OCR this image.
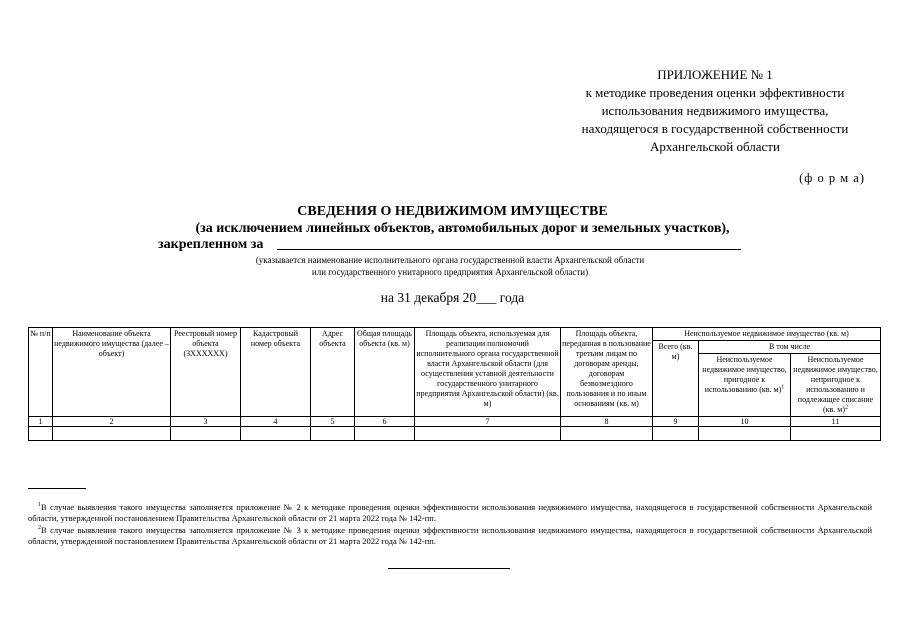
ПРИЛОЖЕНИЕ № 1
к методике проведения оценки эффективности
использования недвижимого имущества,
находящегося в государственной собственности
Архангельской области
(ф о р м а)
СВЕДЕНИЯ О НЕДВИЖИМОМ ИМУЩЕСТВЕ
(за исключением линейных объектов, автомобильных дорог и земельных участков),
закрепленном за
(указывается наименование исполнительного органа государственной власти Архангельской области
или государственного унитарного предприятия Архангельской области)
на 31 декабря 20___ года
№ п/п	Наименование объекта недвижимого имущества (далее – объект)	Реестровый номер объекта (3ХХХХХХ)	Кадастровый номер объекта	Адрес объекта	Общая площадь объекта (кв. м)	Площадь объекта, используемая для реализации полномочий исполнительного органа государственной власти Архангельской области (для осуществления уставной деятельности государственного унитарного предприятия Архангельской области) (кв. м)	Площадь объекта, переданная в пользование третьим лицам по договорам аренды, договорам безвозмездного пользования и по иным основаниям (кв. м)	Неиспользуемое недвижимое имущество (кв. м)		
								Всего (кв. м)	В том числе	
									Неиспользуемое недвижимое имущество, пригодное к использованию (кв. м)$^1$	Неиспользуемое недвижимое имущество, непригодное к использованию и подлежащее списание (кв. м)$^2$
1	2	3	4	5	6	7	8	9	10	11

$^1$В случае выявления такого имущества заполняется приложение № 2 к методике проведения оценки эффективности использования недвижимого имущества, находящегося в государственной собственности Архангельской области, утвержденной постановлением Правительства Архангельской области от 21 марта 2022 года № 142-пп.
$^2$В случае выявления такого имущества заполняется приложение № 3 к методике проведения оценки эффективности использования недвижимого имущества, находящегося в государственной собственности Архангельской области, утвержденной постановлением Правительства Архангельской области от 21 марта 2022 года № 142-пп.
